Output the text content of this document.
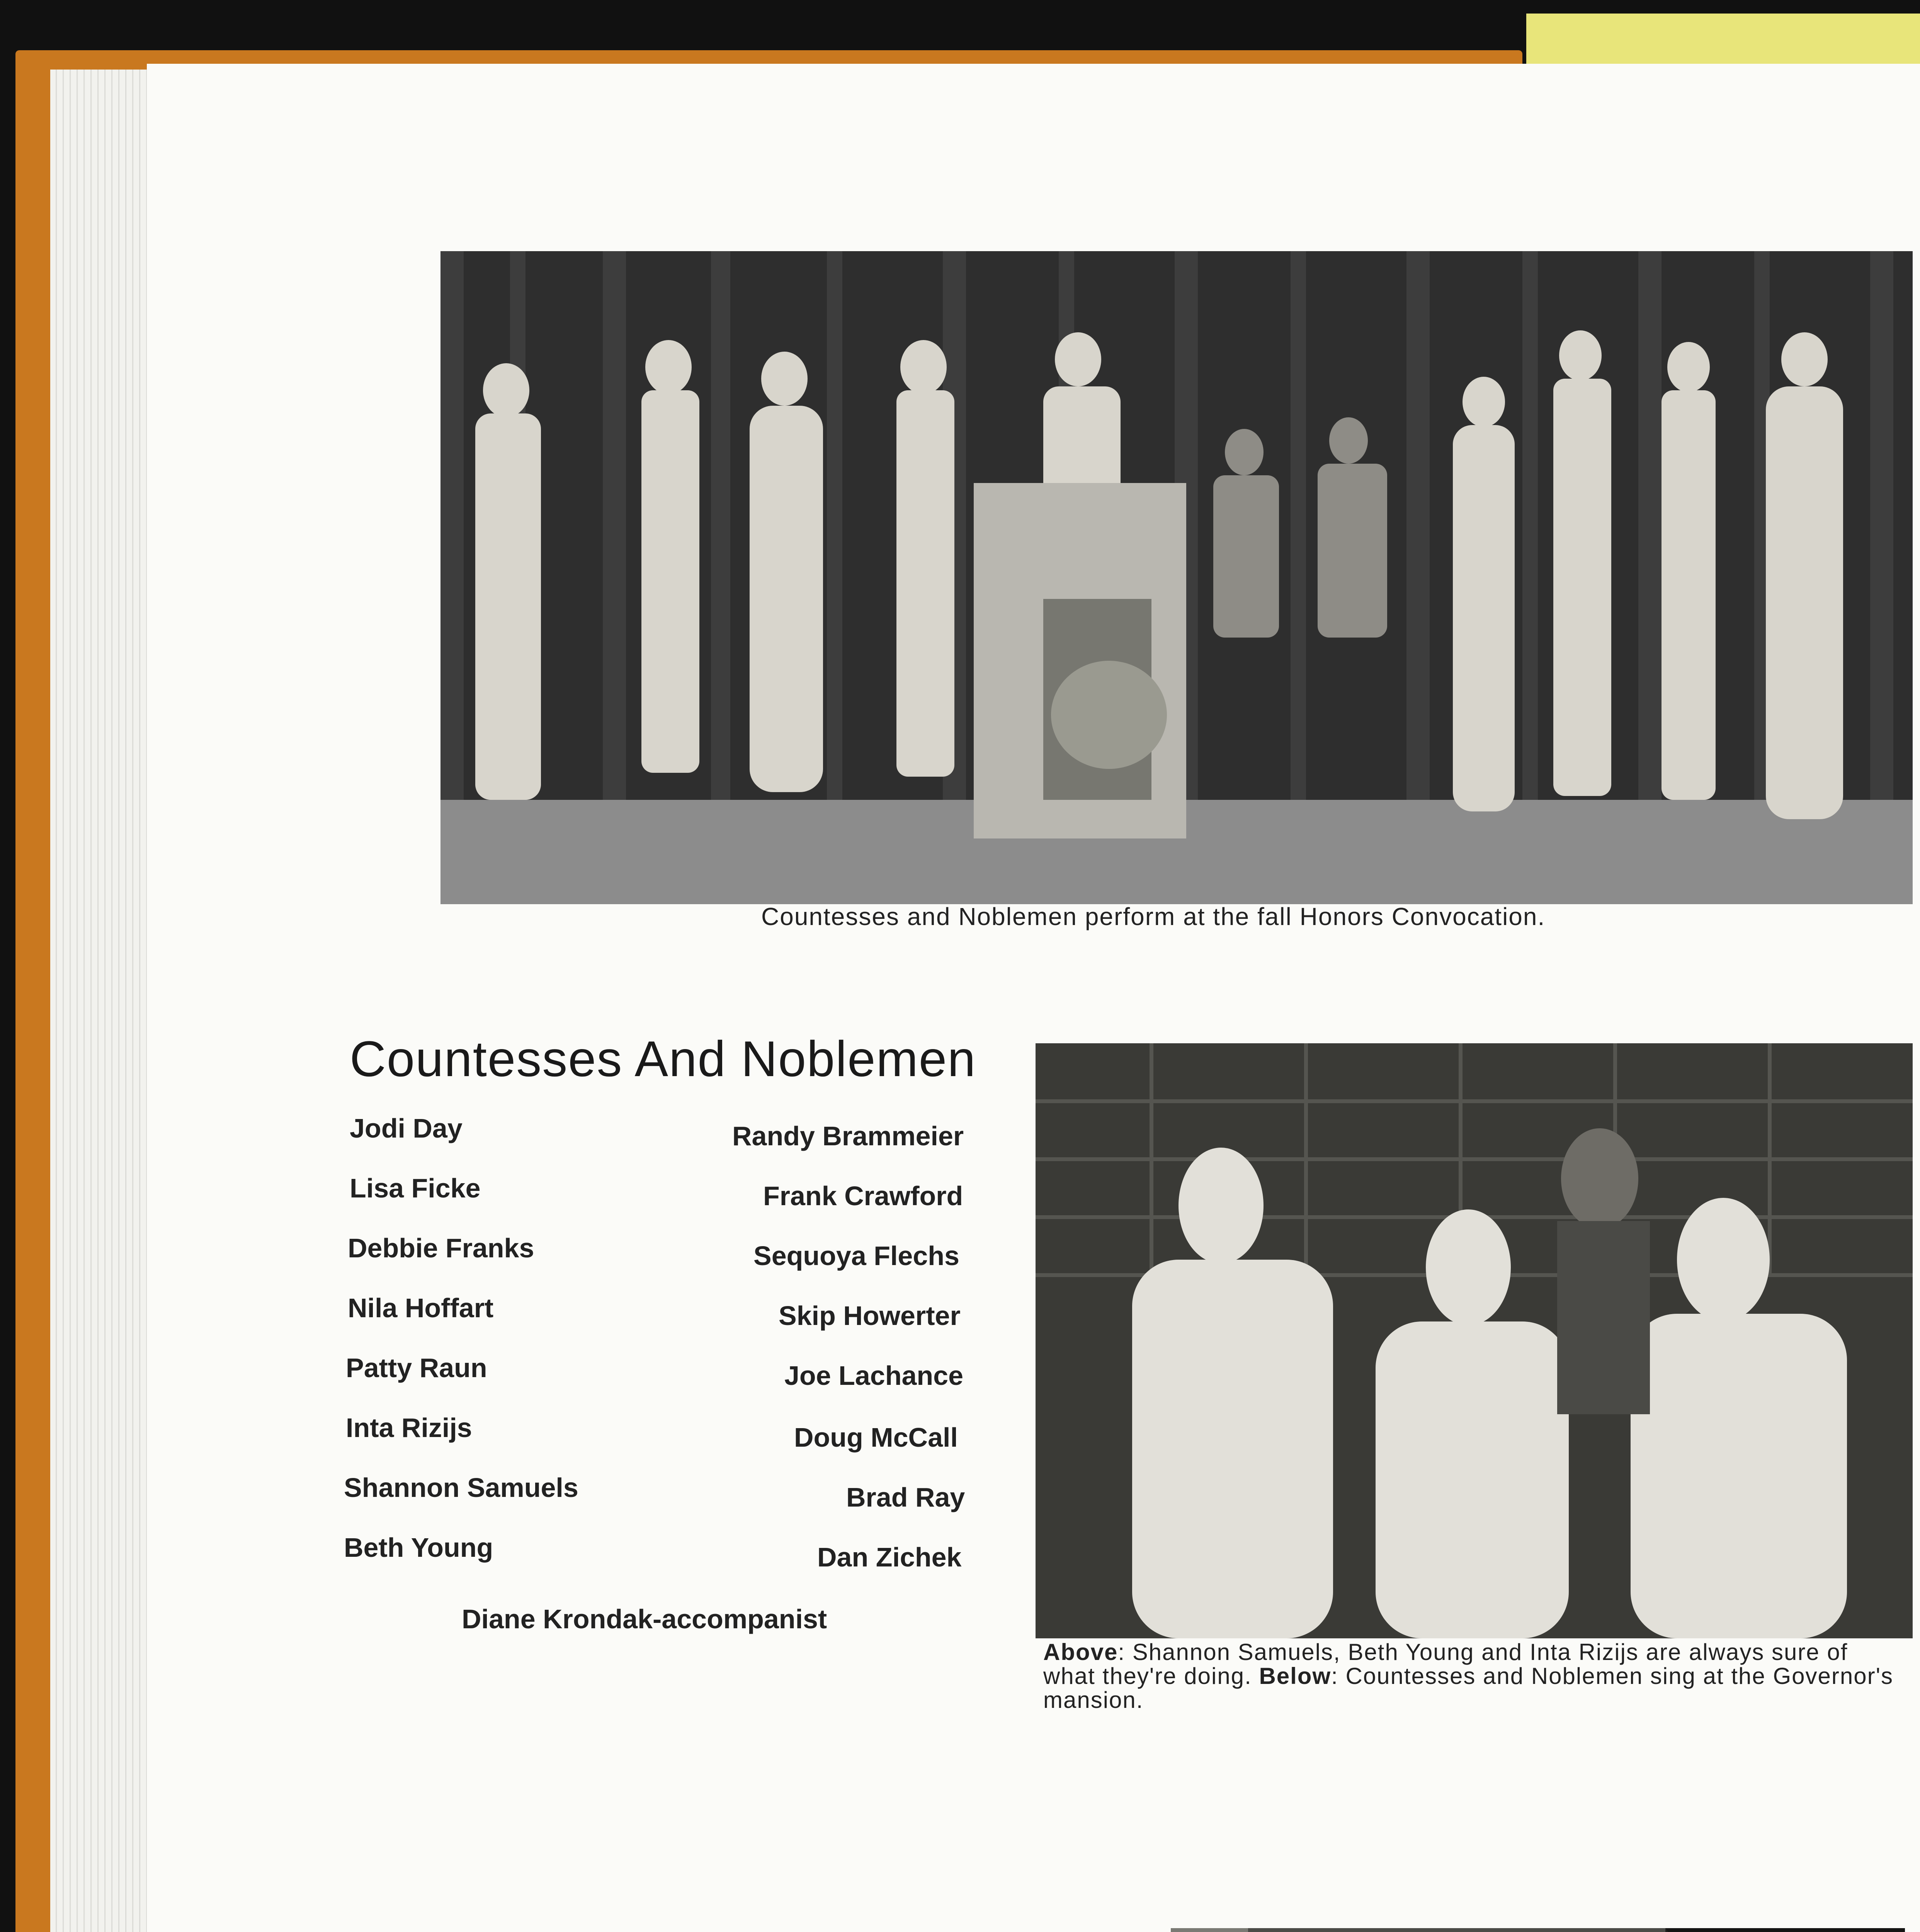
Countesses and Noblemen perform at the fall Honors Convocation.
Countesses And Noblemen
Jodi Day
Lisa Ficke
Debbie Franks
Nila Hoffart
Patty Raun
Inta Rizijs
Shannon Samuels
Beth Young
Randy Brammeier
Frank Crawford
Sequoya Flechs
Skip Howerter
Joe Lachance
Doug McCall
Brad Ray
Dan Zichek
Diane Krondak-accompanist
Above: Shannon Samuels, Beth Young and Inta Rizijs are always sure of what they're doing. Below: Countesses and Noblemen sing at the Governor's mansion.
